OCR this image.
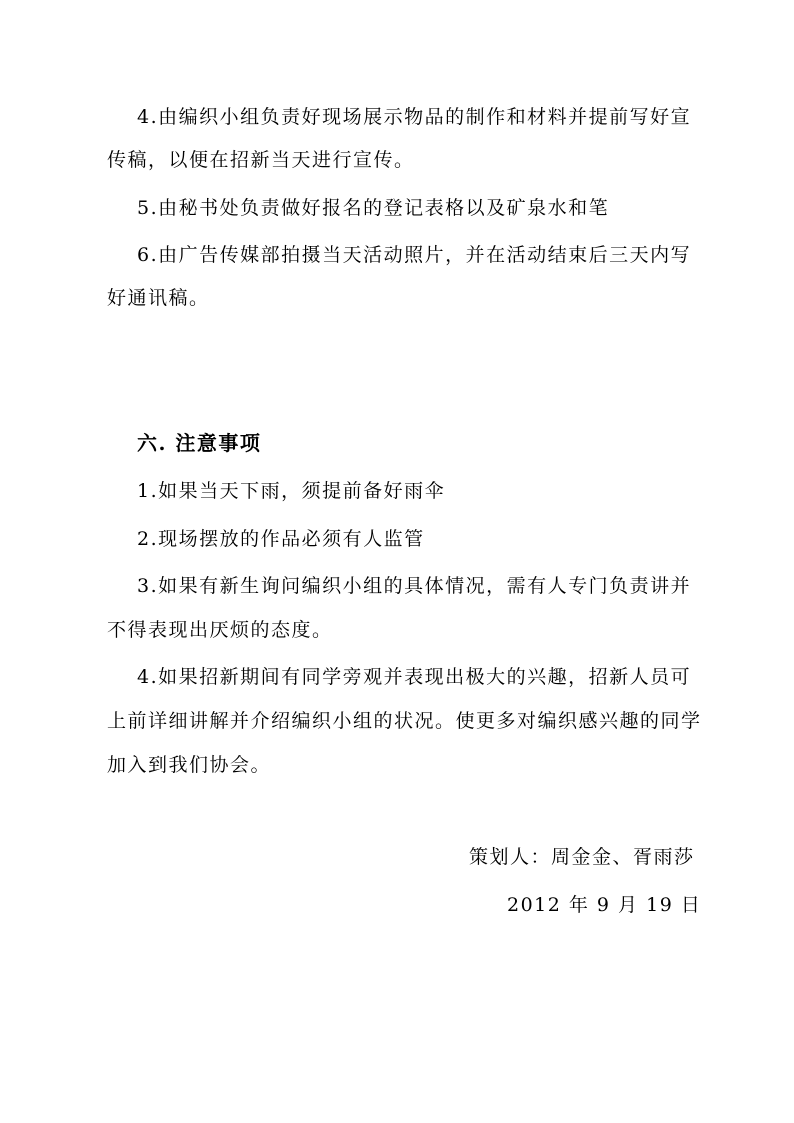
4.由编织小组负责好现场展示物品的制作和材料并提前写好宣
传稿，以便在招新当天进行宣传。
5.由秘书处负责做好报名的登记表格以及矿泉水和笔
6.由广告传媒部拍摄当天活动照片，并在活动结束后三天内写
好通讯稿。
六. 注意事项
1.如果当天下雨，须提前备好雨伞
2.现场摆放的作品必须有人监管
3.如果有新生询问编织小组的具体情况，需有人专门负责讲并
不得表现出厌烦的态度。
4.如果招新期间有同学旁观并表现出极大的兴趣，招新人员可
上前详细讲解并介绍编织小组的状况。使更多对编织感兴趣的同学
加入到我们协会。
策划人：周金金、胥雨莎
2012 年 9 月 19 日
